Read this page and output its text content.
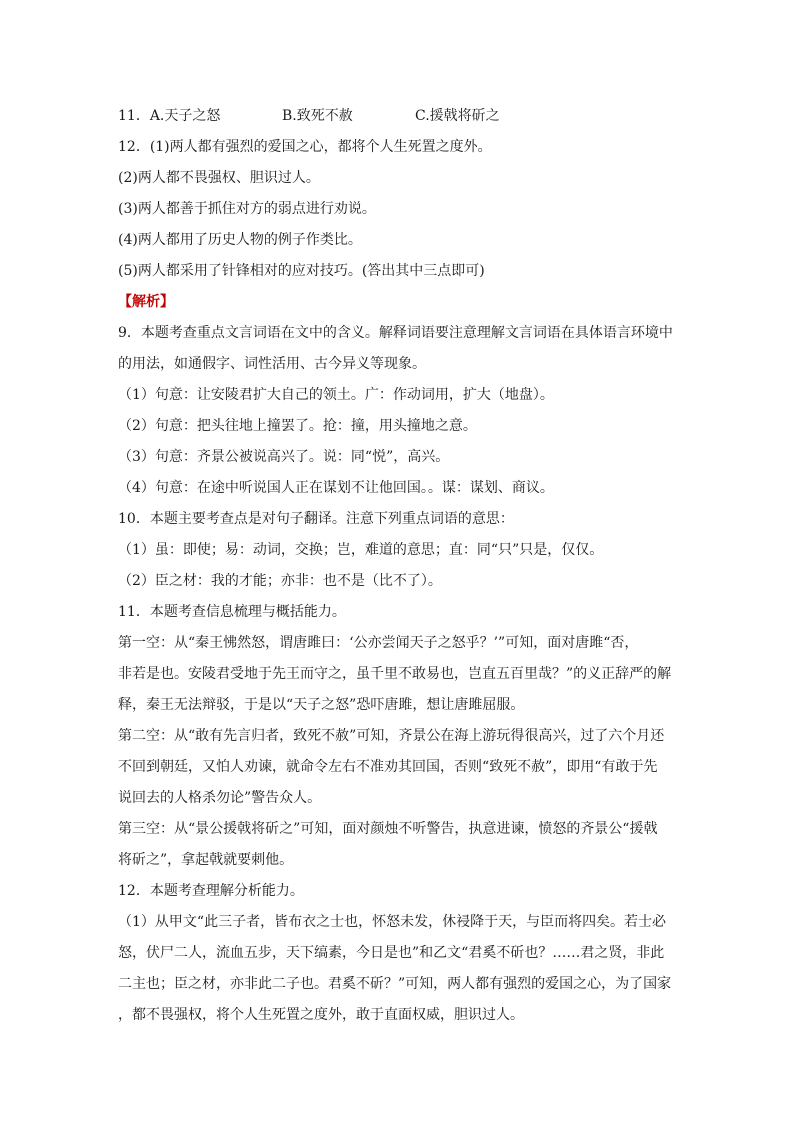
11．A.天子之怒	B.致死不赦	C.援戟将斫之
12．(1)两人都有强烈的爱国之心，都将个人生死置之度外。
(2)两人都不畏强权、胆识过人。
(3)两人都善于抓住对方的弱点进行劝说。
(4)两人都用了历史人物的例子作类比。
(5)两人都采用了针锋相对的应对技巧。(答出其中三点即可)
【解析】
9．本题考查重点文言词语在文中的含义。解释词语要注意理解文言词语在具体语言环境中
的用法，如通假字、词性活用、古今异义等现象。
（1）句意：让安陵君扩大自己的领土。广：作动词用，扩大（地盘）。
（2）句意：把头往地上撞罢了。抢：撞，用头撞地之意。
（3）句意：齐景公被说高兴了。说：同“悦”，高兴。
（4）句意：在途中听说国人正在谋划不让他回国。。谋：谋划、商议。
10．本题主要考查点是对句子翻译。注意下列重点词语的意思：
（1）虽：即使；易：动词，交换；岂，难道的意思；直：同“只”只是，仅仅。
（2）臣之材：我的才能；亦非：也不是（比不了）。
11．本题考查信息梳理与概括能力。
第一空：从“秦王怫然怒，谓唐雎曰：‘公亦尝闻天子之怒乎？’”可知，面对唐雎“否，
非若是也。安陵君受地于先王而守之，虽千里不敢易也，岂直五百里哉？”的义正辞严的解
释，秦王无法辩驳，于是以“天子之怒”恐吓唐雎，想让唐雎屈服。
第二空：从“敢有先言归者，致死不赦”可知，齐景公在海上游玩得很高兴，过了六个月还
不回到朝廷，又怕人劝谏，就命令左右不准劝其回国，否则“致死不赦”，即用“有敢于先
说回去的人格杀勿论”警告众人。
第三空：从“景公援戟将斫之”可知，面对颜烛不听警告，执意进谏，愤怒的齐景公“援戟
将斫之”，拿起戟就要刺他。
12．本题考查理解分析能力。
（1）从甲文“此三子者，皆布衣之士也，怀怒未发，休祲降于天，与臣而将四矣。若士必
怒，伏尸二人，流血五步，天下缟素，今日是也”和乙文“君奚不斫也？……君之贤，非此
二主也；臣之材，亦非此二子也。君奚不斫？”可知，两人都有强烈的爱国之心，为了国家
，都不畏强权，将个人生死置之度外，敢于直面权威，胆识过人。
